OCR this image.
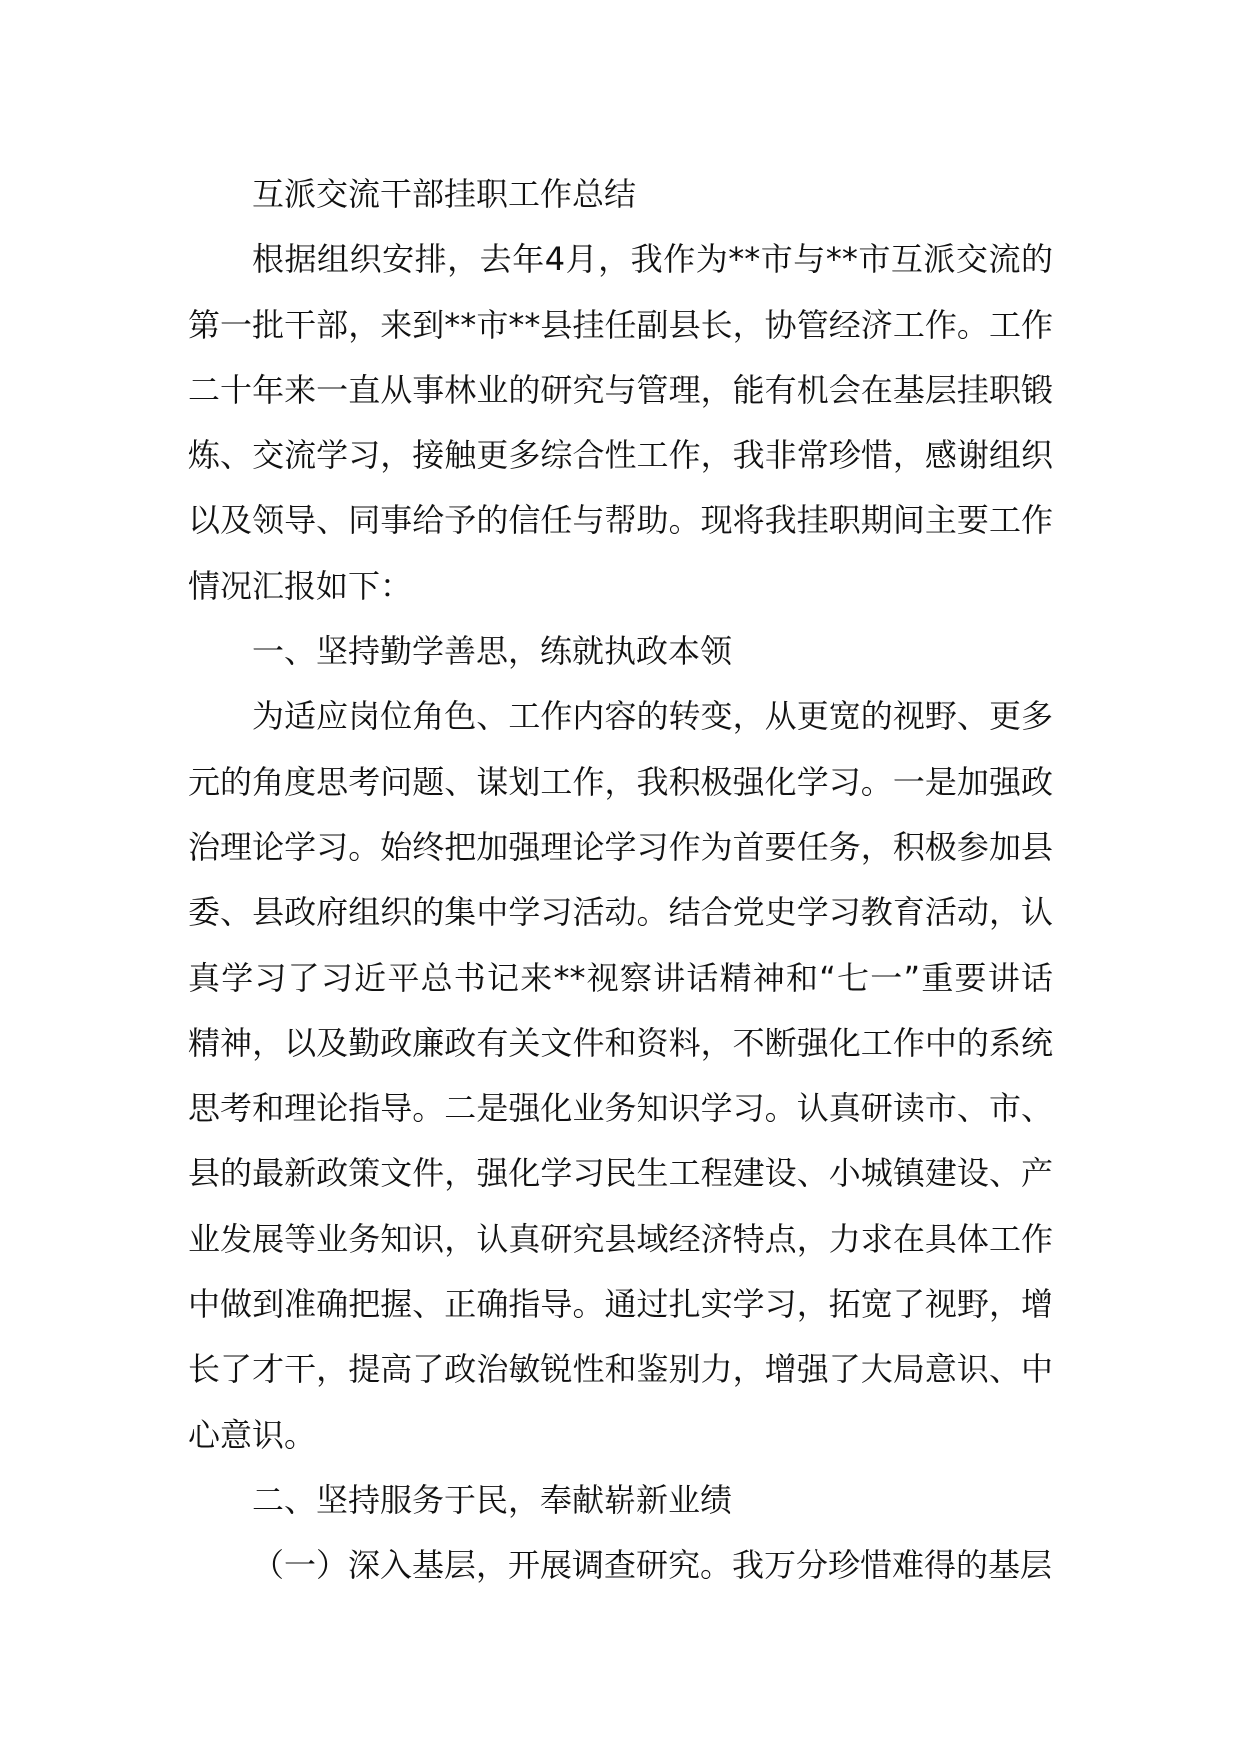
互派交流干部挂职工作总结

根据组织安排，去年4月，我作为**市与**市互派交流的第一批干部，来到**市**县挂任副县长，协管经济工作。工作二十年来一直从事林业的研究与管理，能有机会在基层挂职锻炼、交流学习，接触更多综合性工作，我非常珍惜，感谢组织以及领导、同事给予的信任与帮助。现将我挂职期间主要工作情况汇报如下：

一、坚持勤学善思，练就执政本领

为适应岗位角色、工作内容的转变，从更宽的视野、更多元的角度思考问题、谋划工作，我积极强化学习。一是加强政治理论学习。始终把加强理论学习作为首要任务，积极参加县委、县政府组织的集中学习活动。结合党史学习教育活动，认真学习了习近平总书记来**视察讲话精神和“七一”重要讲话精神，以及勤政廉政有关文件和资料，不断强化工作中的系统思考和理论指导。二是强化业务知识学习。认真研读市、市、县的最新政策文件，强化学习民生工程建设、小城镇建设、产业发展等业务知识，认真研究县域经济特点，力求在具体工作中做到准确把握、正确指导。通过扎实学习，拓宽了视野，增长了才干，提高了政治敏锐性和鉴别力，增强了大局意识、中心意识。

二、坚持服务于民，奉献崭新业绩

（一）深入基层，开展调查研究。我万分珍惜难得的基层
